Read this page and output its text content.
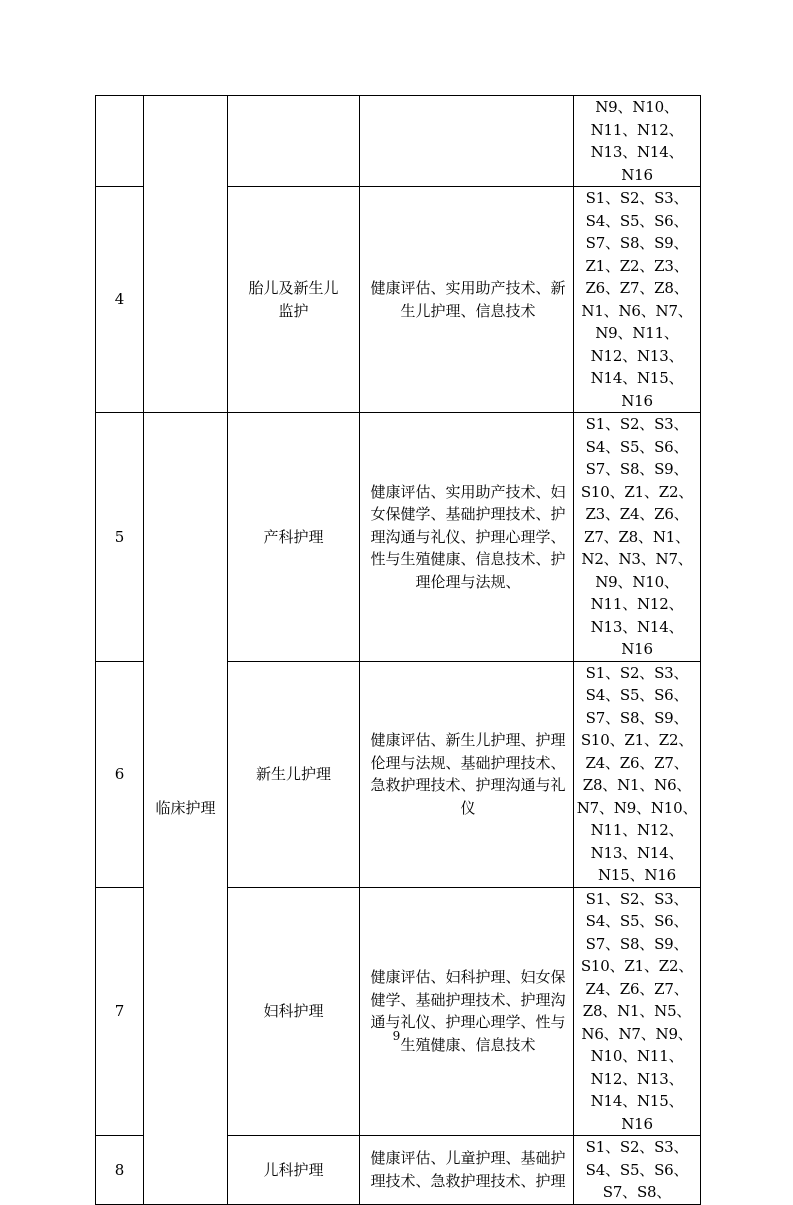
				N9、N10、N11、N12、N13、N14、N16
4		胎儿及新生儿监护	健康评估、实用助产技术、新生儿护理、信息技术	S1、S2、S3、S4、S5、S6、S7、S8、S9、Z1、Z2、Z3、Z6、Z7、Z8、N1、N6、N7、N9、N11、N12、N13、N14、N15、N16
5	临床护理	产科护理	健康评估、实用助产技术、妇女保健学、基础护理技术、护理沟通与礼仪、护理心理学、性与生殖健康、信息技术、护理伦理与法规、	S1、S2、S3、S4、S5、S6、S7、S8、S9、S10、Z1、Z2、Z3、Z4、Z6、Z7、Z8、N1、N2、N3、N7、N9、N10、N11、N12、N13、N14、N16
6		新生儿护理	健康评估、新生儿护理、护理伦理与法规、基础护理技术、急救护理技术、护理沟通与礼仪	S1、S2、S3、S4、S5、S6、S7、S8、S9、S10、Z1、Z2、Z4、Z6、Z7、Z8、N1、N6、N7、N9、N10、N11、N12、N13、N14、N15、N16
7		妇科护理	健康评估、妇科护理、妇女保健学、基础护理技术、护理沟通与礼仪、护理心理学、性与生殖健康、信息技术	S1、S2、S3、S4、S5、S6、S7、S8、S9、S10、Z1、Z2、Z4、Z6、Z7、Z8、N1、N5、N6、N7、N9、N10、N11、N12、N13、N14、N15、N16
8		儿科护理	健康评估、儿童护理、基础护理技术、急救护理技术、护理	S1、S2、S3、S4、S5、S6、S7、S8、
9
